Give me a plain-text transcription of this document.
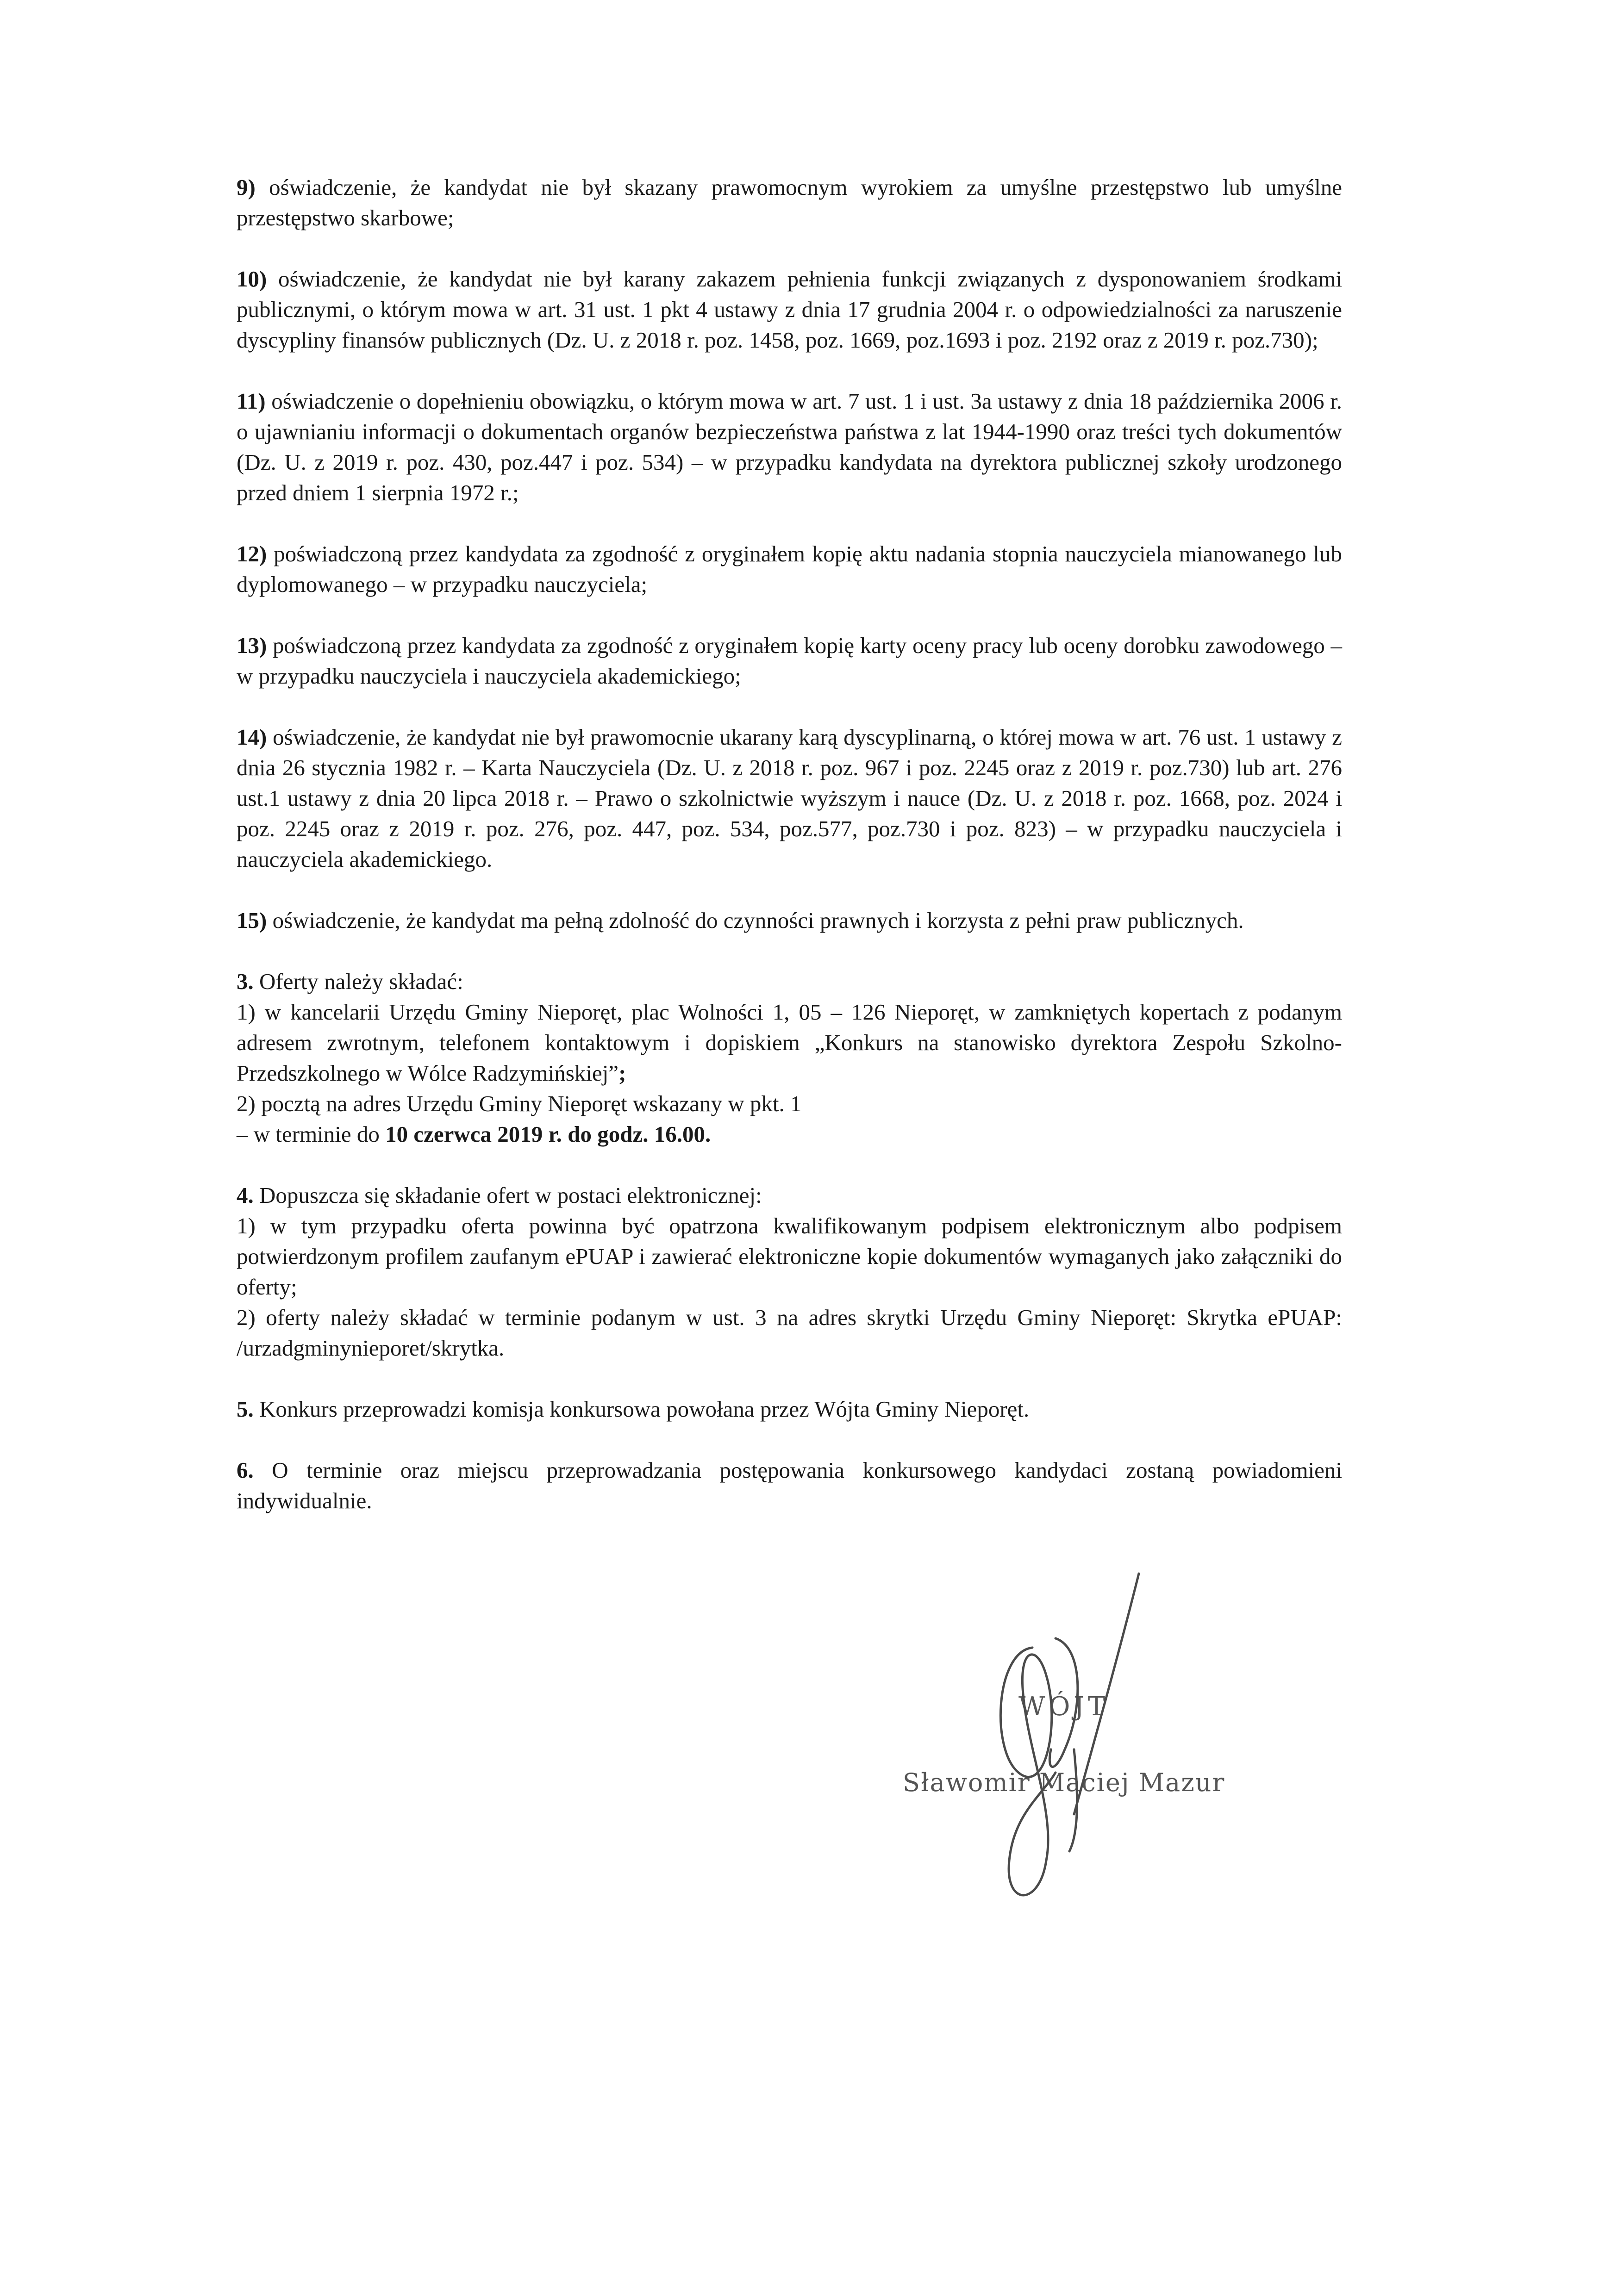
9) oświadczenie, że kandydat nie był skazany prawomocnym wyrokiem za umyślne przestępstwo lub umyślne przestępstwo skarbowe;

10) oświadczenie, że kandydat nie był karany zakazem pełnienia funkcji związanych z dysponowaniem środkami publicznymi, o którym mowa w art. 31 ust. 1 pkt 4 ustawy z dnia 17 grudnia 2004 r. o odpowiedzialności za naruszenie dyscypliny finansów publicznych (Dz. U. z 2018 r. poz. 1458, poz. 1669, poz.1693 i poz. 2192 oraz z 2019 r. poz.730);

11) oświadczenie o dopełnieniu obowiązku, o którym mowa w art. 7 ust. 1 i ust. 3a ustawy z dnia 18 października 2006 r. o ujawnianiu informacji o dokumentach organów bezpieczeństwa państwa z lat 1944-1990 oraz treści tych dokumentów (Dz. U. z 2019 r. poz. 430, poz.447 i poz. 534) – w przypadku kandydata na dyrektora publicznej szkoły urodzonego przed dniem 1 sierpnia 1972 r.;

12) poświadczoną przez kandydata za zgodność z oryginałem kopię aktu nadania stopnia nauczyciela mianowanego lub dyplomowanego – w przypadku nauczyciela;

13) poświadczoną przez kandydata za zgodność z oryginałem kopię karty oceny pracy lub oceny dorobku zawodowego – w przypadku nauczyciela i nauczyciela akademickiego;

14) oświadczenie, że kandydat nie był prawomocnie ukarany karą dyscyplinarną, o której mowa w art. 76 ust. 1 ustawy z dnia 26 stycznia 1982 r. – Karta Nauczyciela (Dz. U. z 2018 r. poz. 967 i poz. 2245 oraz z 2019 r. poz.730) lub art. 276 ust.1 ustawy z dnia 20 lipca 2018 r. – Prawo o szkolnictwie wyższym i nauce (Dz. U. z 2018 r. poz. 1668, poz. 2024 i poz. 2245 oraz z 2019 r. poz. 276, poz. 447, poz. 534, poz.577, poz.730 i poz. 823) – w przypadku nauczyciela i nauczyciela akademickiego.

15) oświadczenie, że kandydat ma pełną zdolność do czynności prawnych i korzysta z pełni praw publicznych.

3. Oferty należy składać:
1) w kancelarii Urzędu Gminy Nieporęt, plac Wolności 1, 05 – 126 Nieporęt, w zamkniętych kopertach z podanym adresem zwrotnym, telefonem kontaktowym i dopiskiem „Konkurs na stanowisko dyrektora Zespołu Szkolno-Przedszkolnego w Wólce Radzymińskiej”;
2) pocztą na adres Urzędu Gminy Nieporęt wskazany w pkt. 1
– w terminie do 10 czerwca 2019 r. do godz. 16.00.
4. Dopuszcza się składanie ofert w postaci elektronicznej:
1) w tym przypadku oferta powinna być opatrzona kwalifikowanym podpisem elektronicznym albo podpisem potwierdzonym profilem zaufanym ePUAP i zawierać elektroniczne kopie dokumentów wymaganych jako załączniki do oferty;
2) oferty należy składać w terminie podanym w ust. 3 na adres skrytki Urzędu Gminy Nieporęt: Skrytka ePUAP: /urzadgminynieporet/skrytka.

5. Konkurs przeprowadzi komisja konkursowa powołana przez Wójta Gminy Nieporęt.

6. O terminie oraz miejscu przeprowadzania postępowania konkursowego kandydaci zostaną powiadomieni indywidualnie.

WÓJT
Sławomir Maciej Mazur
